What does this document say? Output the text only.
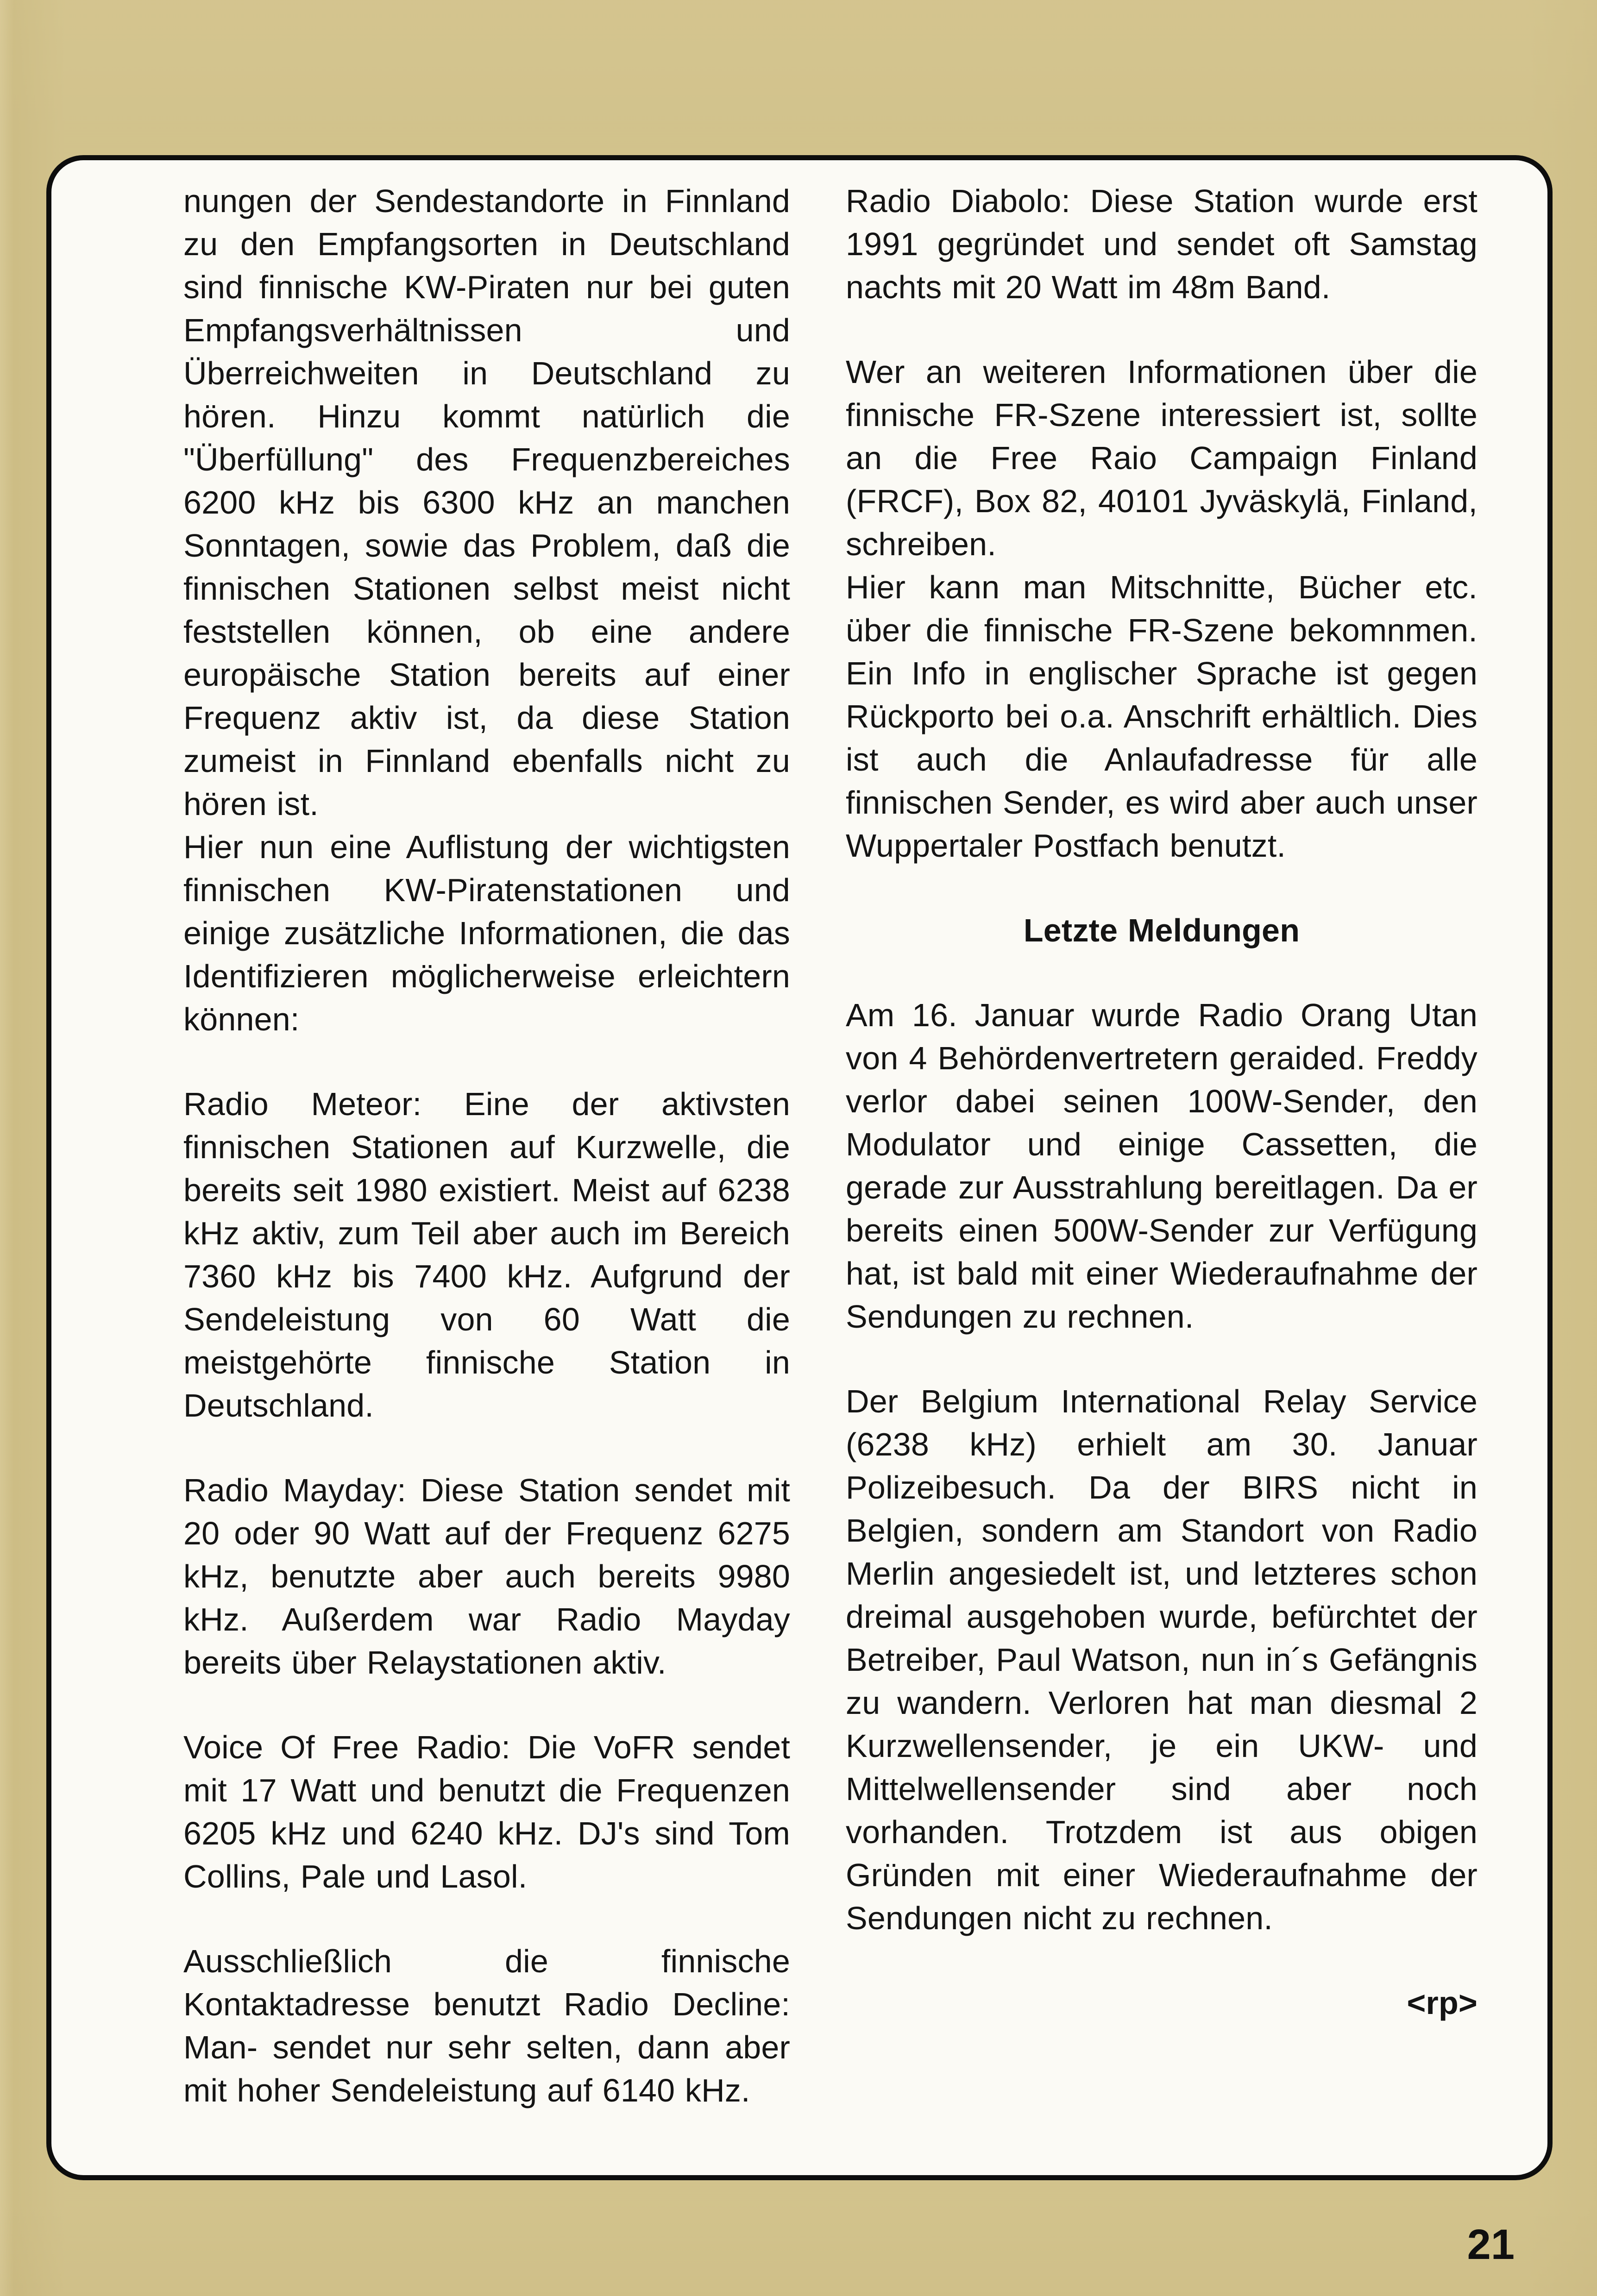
nungen der Sendestandorte in Finnland zu den Empfangsorten in Deutschland sind finnische KW-Piraten nur bei guten Empfangsverhältnissen und Überreichweiten in Deutschland zu hören. Hinzu kommt natürlich die "Überfüllung" des Frequenzbereiches 6200 kHz bis 6300 kHz an manchen Sonntagen, sowie das Problem, daß die finnischen Stationen selbst meist nicht feststellen können, ob eine andere europäische Station bereits auf einer Frequenz aktiv ist, da diese Station zumeist in Finnland ebenfalls nicht zu hören ist.

Hier nun eine Auflistung der wichtigsten finnischen KW-Piratenstationen und einige zusätzliche Informationen, die das Identifizieren möglicherweise erleichtern können:

Radio Meteor: Eine der aktivsten finnischen Stationen auf Kurzwelle, die bereits seit 1980 existiert. Meist auf 6238 kHz aktiv, zum Teil aber auch im Bereich 7360 kHz bis 7400 kHz. Aufgrund der Sendeleistung von 60 Watt die meistgehörte finnische Station in Deutschland.

Radio Mayday: Diese Station sendet mit 20 oder 90 Watt auf der Frequenz 6275 kHz, benutzte aber auch bereits 9980 kHz. Außerdem war Radio Mayday bereits über Relaystationen aktiv.

Voice Of Free Radio: Die VoFR sendet mit 17 Watt und benutzt die Frequenzen 6205 kHz und 6240 kHz. DJ's sind Tom Collins, Pale und Lasol.

Ausschließlich die finnische Kontaktadresse benutzt Radio Decline: Man- sendet nur sehr selten, dann aber mit hoher Sendeleistung auf 6140 kHz.

Radio Diabolo: Diese Station wurde erst 1991 gegründet und sendet oft Samstag nachts mit 20 Watt im 48m Band.

Wer an weiteren Informationen über die finnische FR-Szene interessiert ist, sollte an die Free Raio Campaign Finland (FRCF), Box 82, 40101 Jyväskylä, Finland, schreiben.

Hier kann man Mitschnitte, Bücher etc. über die finnische FR-Szene bekomnmen. Ein Info in englischer Sprache ist gegen Rückporto bei o.a. Anschrift erhältlich. Dies ist auch die Anlaufadresse für alle finnischen Sender, es wird aber auch unser Wuppertaler Postfach benutzt.

Letzte Meldungen

Am 16. Januar wurde Radio Orang Utan von 4 Behördenvertretern geraided. Freddy verlor dabei seinen 100W-Sender, den Modulator und einige Cassetten, die gerade zur Ausstrahlung bereitlagen. Da er bereits einen 500W-Sender zur Verfügung hat, ist bald mit einer Wiederaufnahme der Sendungen zu rechnen.

Der Belgium International Relay Service (6238 kHz) erhielt am 30. Januar Polizeibesuch. Da der BIRS nicht in Belgien, sondern am Standort von Radio Merlin angesiedelt ist, und letzteres schon dreimal ausgehoben wurde, befürchtet der Betreiber, Paul Watson, nun in´s Gefängnis zu wandern. Verloren hat man diesmal 2 Kurzwellensender, je ein UKW- und Mittelwellensender sind aber noch vorhanden. Trotzdem ist aus obigen Gründen mit einer Wiederaufnahme der Sendungen nicht zu rechnen.

<rp>

21
